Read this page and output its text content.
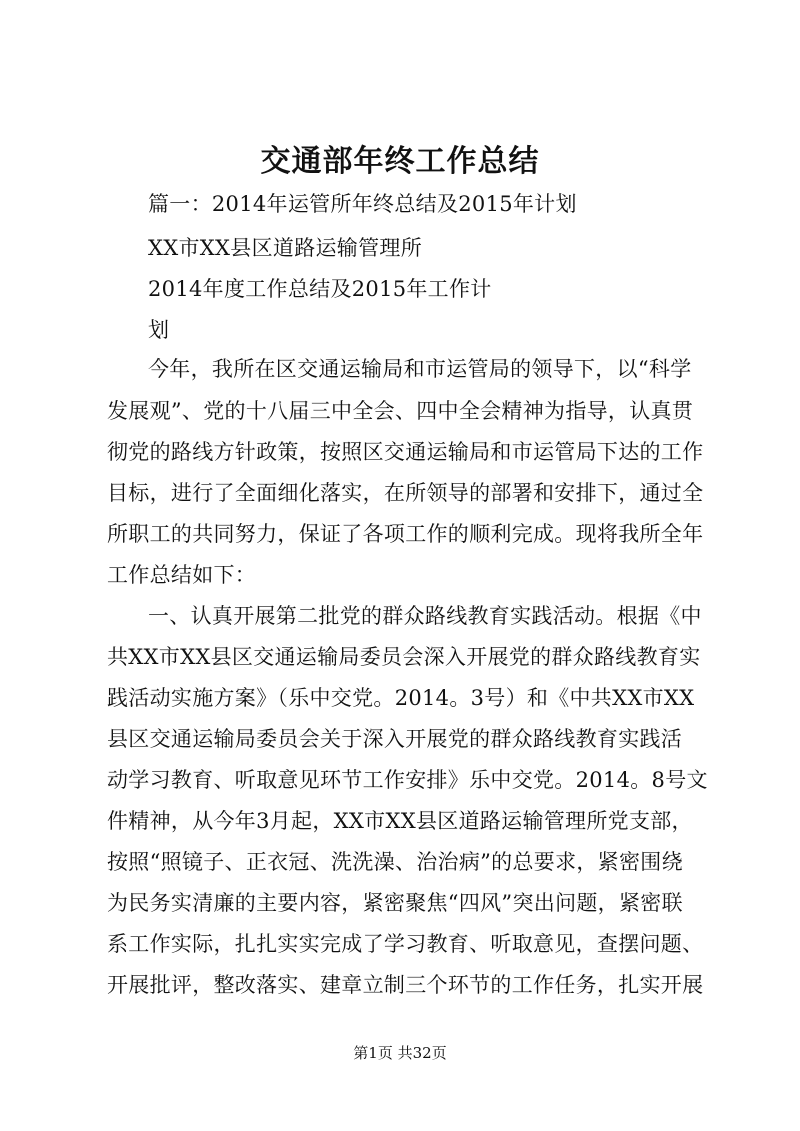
交通部年终工作总结
篇一：2014年运管所年终总结及2015年计划
XX市XX县区道路运输管理所
2014年度工作总结及2015年工作计
划
今年，我所在区交通运输局和市运管局的领导下，以“科学
发展观”、党的十八届三中全会、四中全会精神为指导，认真贯
彻党的路线方针政策，按照区交通运输局和市运管局下达的工作
目标，进行了全面细化落实，在所领导的部署和安排下，通过全
所职工的共同努力，保证了各项工作的顺利完成。现将我所全年
工作总结如下：
一、认真开展第二批党的群众路线教育实践活动。根据《中
共XX市XX县区交通运输局委员会深入开展党的群众路线教育实
践活动实施方案》（乐中交党。2014。3号）和《中共XX市XX
县区交通运输局委员会关于深入开展党的群众路线教育实践活
动学习教育、听取意见环节工作安排》乐中交党。2014。8号文
件精神，从今年3月起，XX市XX县区道路运输管理所党支部，
按照“照镜子、正衣冠、洗洗澡、治治病”的总要求，紧密围绕
为民务实清廉的主要内容，紧密聚焦“四风”突出问题，紧密联
系工作实际，扎扎实实完成了学习教育、听取意见，查摆问题、
开展批评，整改落实、建章立制三个环节的工作任务，扎实开展
第1页 共32页
